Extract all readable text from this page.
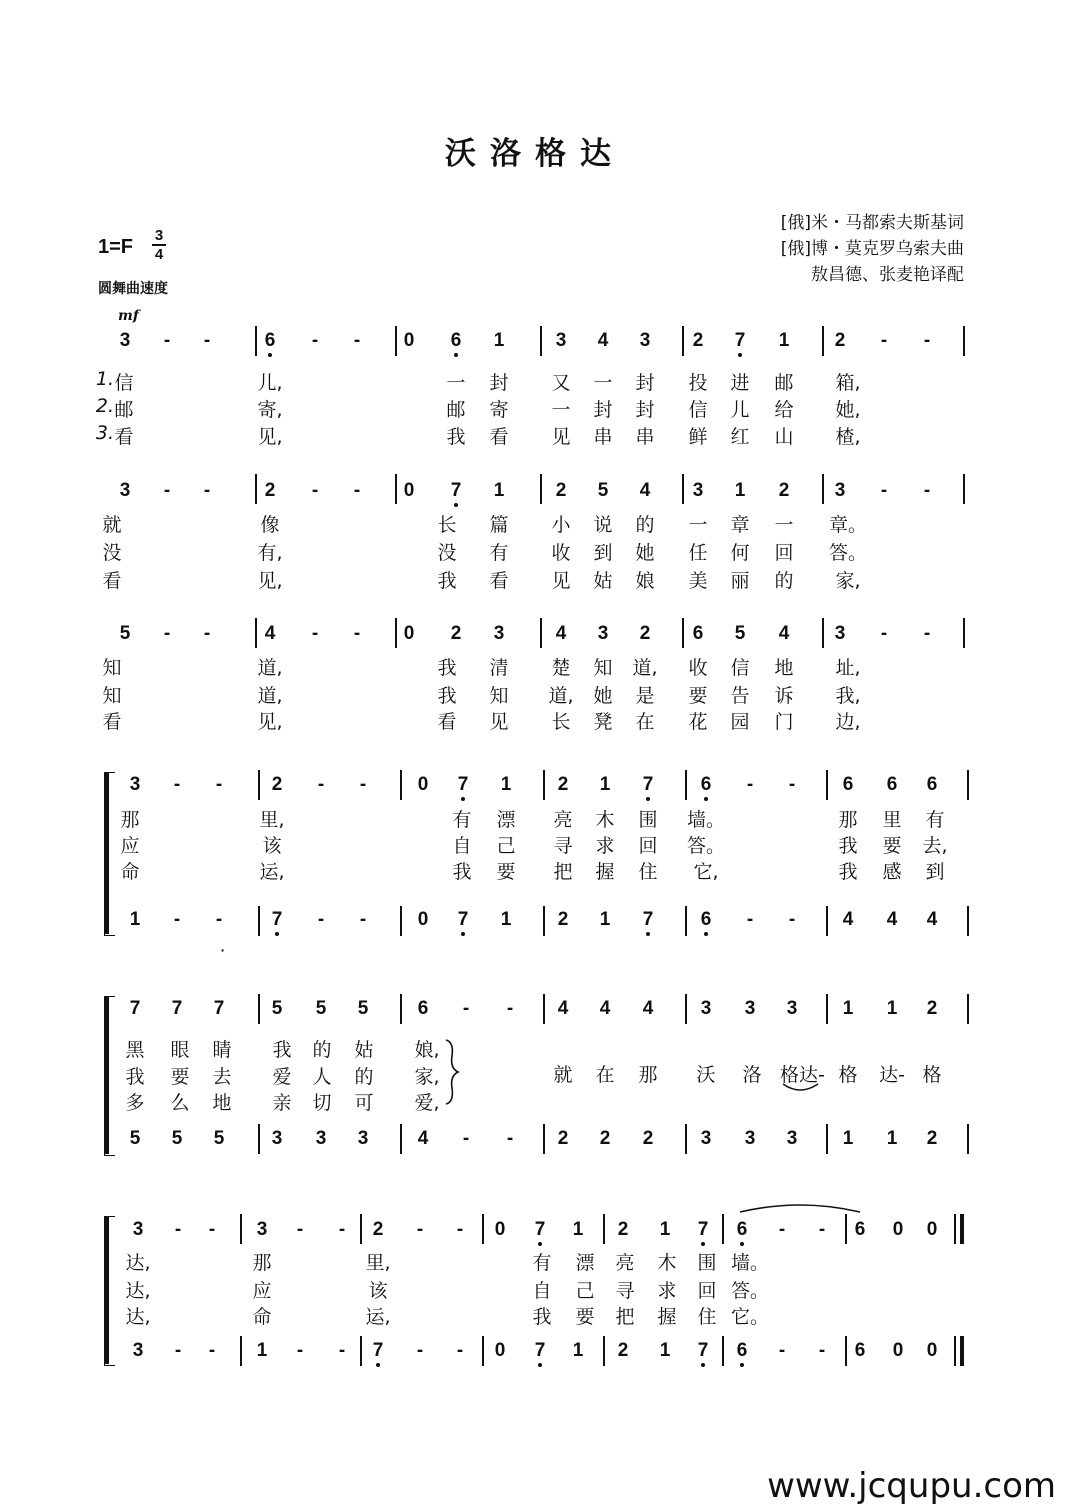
沃洛格达
[俄]米・马都索夫斯基词
[俄]博・莫克罗乌索夫曲
敖昌德、张麦艳译配
1=F
3
4
圆舞曲速度
mf
3	-	-	6	-	-	0	6	1	3	4	3	2	7	1	2	-	-
1. 信	儿,	一	封	又	一	封	投	进	邮	箱,
2. 邮	寄,	邮	寄	一	封	封	信	儿	给	她,
3. 看	见,	我	看	见	串	串	鲜	红	山	楂,
3	-	-	2	-	-	0	7	1	2	5	4	3	1	2	3	-	-
就	像	长	篇	小	说	的	一	章	一	章。
没	有,	没	有	收	到	她	任	何	回	答。
看	见,	我	看	见	姑	娘	美	丽	的	家,
5	-	-	4	-	-	0	2	3	4	3	2	6	5	4	3	-	-
知	道,	我	清	楚	知	道,	收	信	地	址,
知	道,	我	知	道,	她	是	要	告	诉	我,
看	见,	看	见	长	凳	在	花	园	门	边,
3	-	-	2	-	-	0	7	1	2	1	7	6	-	-	6	6	6
那	里,	有	漂	亮	木	围	墙。	那	里	有
应	该	自	己	寻	求	回	答。	我	要	去,
命	运,	我	要	把	握	住	它,	我	感	到
1	-	-	7	-	-	0	7	1	2	1	7	6	-	-	4	4	4
·
7	7	7	5	5	5	6	-	-	4	4	4	3	3	3	1	1	2
黑	眼	睛	我	的	姑	娘,
我	要	去	爱	人	的	家,
多	么	地	亲	切	可	爱,
就	在	那	沃	洛 格达- 格	达- 格
5	5	5	3	3	3	4	-	-	2	2	2	3	3	3	1	1	2
3	-	-	3	-	-	2	-	-	0	7	1	2	1	7	6	-	-	6	0	0
达,	那	里,	有	漂	亮	木	围 墙。
达,	应	该	自	己	寻	求	回 答。
达,	命	运,	我	要	把	握	住 它。
3	-	-	1	-	-	7	-	-	0	7	1	2	1	7	6	-	-	6	0	0
www.jcqupu.com
